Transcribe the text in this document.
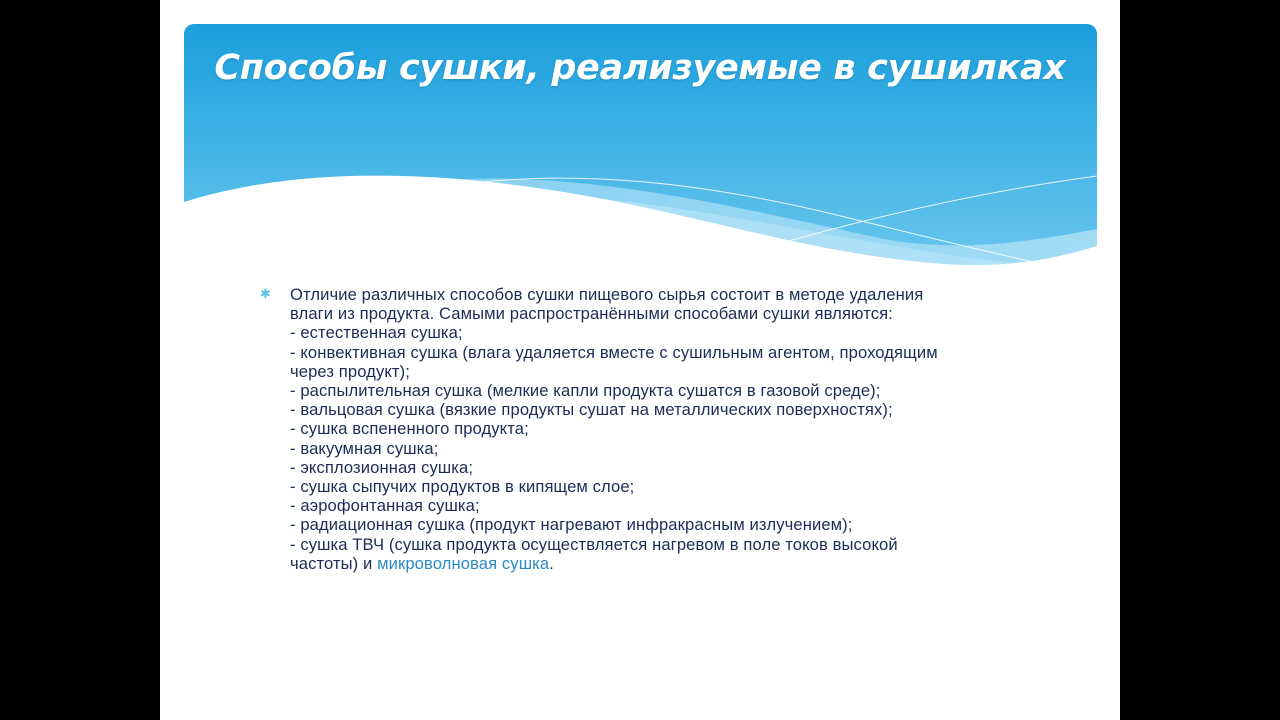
Способы сушки, реализуемые в сушилках
✱ Отличие различных способов сушки пищевого сырья состоит в методе удаления
влаги из продукта. Самыми распространёнными способами сушки являются:
- естественная сушка;
- конвективная сушка (влага удаляется вместе с сушильным агентом, проходящим
через продукт);
- распылительная сушка (мелкие капли продукта сушатся в газовой среде);
- вальцовая сушка (вязкие продукты сушат на металлических поверхностях);
- сушка вспененного продукта;
- вакуумная сушка;
- эксплозионная сушка;
- сушка сыпучих продуктов в кипящем слое;
- аэрофонтанная сушка;
- радиационная сушка (продукт нагревают инфракрасным излучением);
- сушка ТВЧ (сушка продукта осуществляется нагревом в поле токов высокой
частоты) и микроволновая сушка.
